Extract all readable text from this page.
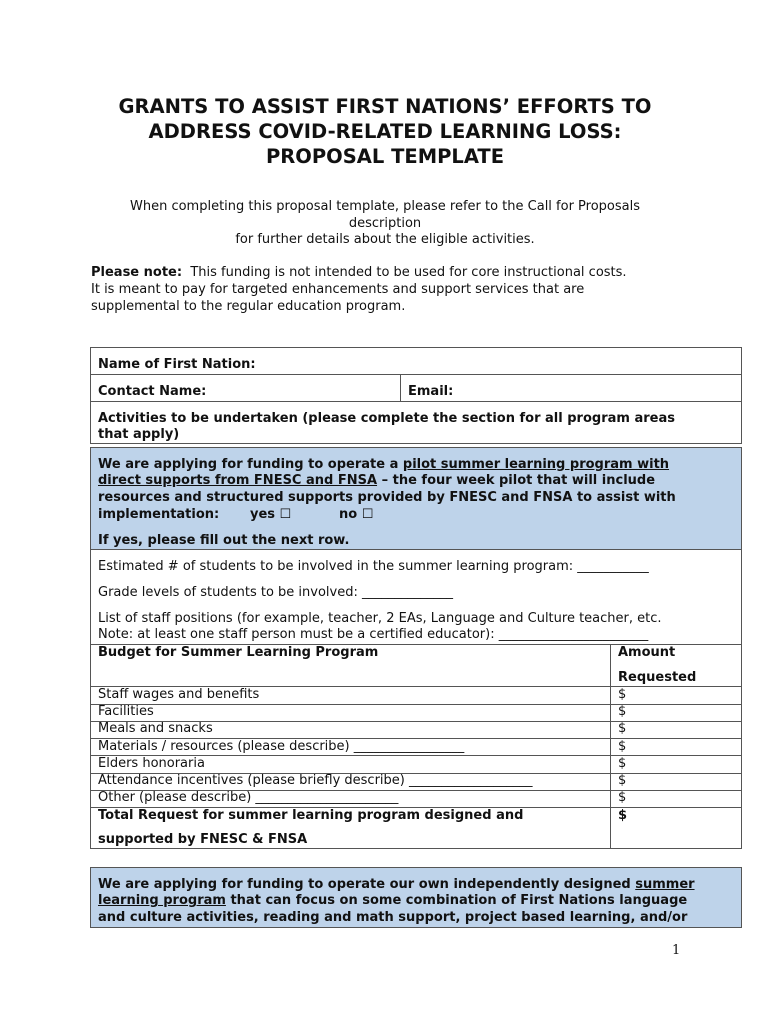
GRANTS TO ASSIST FIRST NATIONS’ EFFORTS TO
ADDRESS COVID-RELATED LEARNING LOSS:
PROPOSAL TEMPLATE
When completing this proposal template, please refer to the Call for Proposals
description
for further details about the eligible activities.
Please note: This funding is not intended to be used for core instructional costs.
It is meant to pay for targeted enhancements and support services that are
supplemental to the regular education program.
Name of First Nation:
Contact Name:	Email:
Activities to be undertaken (please complete the section for all program areas
that apply)
We are applying for funding to operate a pilot summer learning program with
direct supports from FNESC and FNSA – the four week pilot that will include
resources and structured supports provided by FNESC and FNSA to assist with
implementation: yes ☐	no ☐
If yes, please fill out the next row.
Estimated # of students to be involved in the summer learning program: ___________
Grade levels of students to be involved: ______________
List of staff positions (for example, teacher, 2 EAs, Language and Culture teacher, etc.
Note: at least one staff person must be a certified educator): _______________________
Budget for Summer Learning Program	Amount
Requested
Staff wages and benefits	$
Facilities	$
Meals and snacks	$
Materials / resources (please describe) _________________	$
Elders honoraria	$
Attendance incentives (please briefly describe) ___________________	$
Other (please describe) ______________________	$
Total Request for summer learning program designed and
supported by FNESC & FNSA
$
We are applying for funding to operate our own independently designed summer
learning program that can focus on some combination of First Nations language
and culture activities, reading and math support, project based learning, and/or
1
